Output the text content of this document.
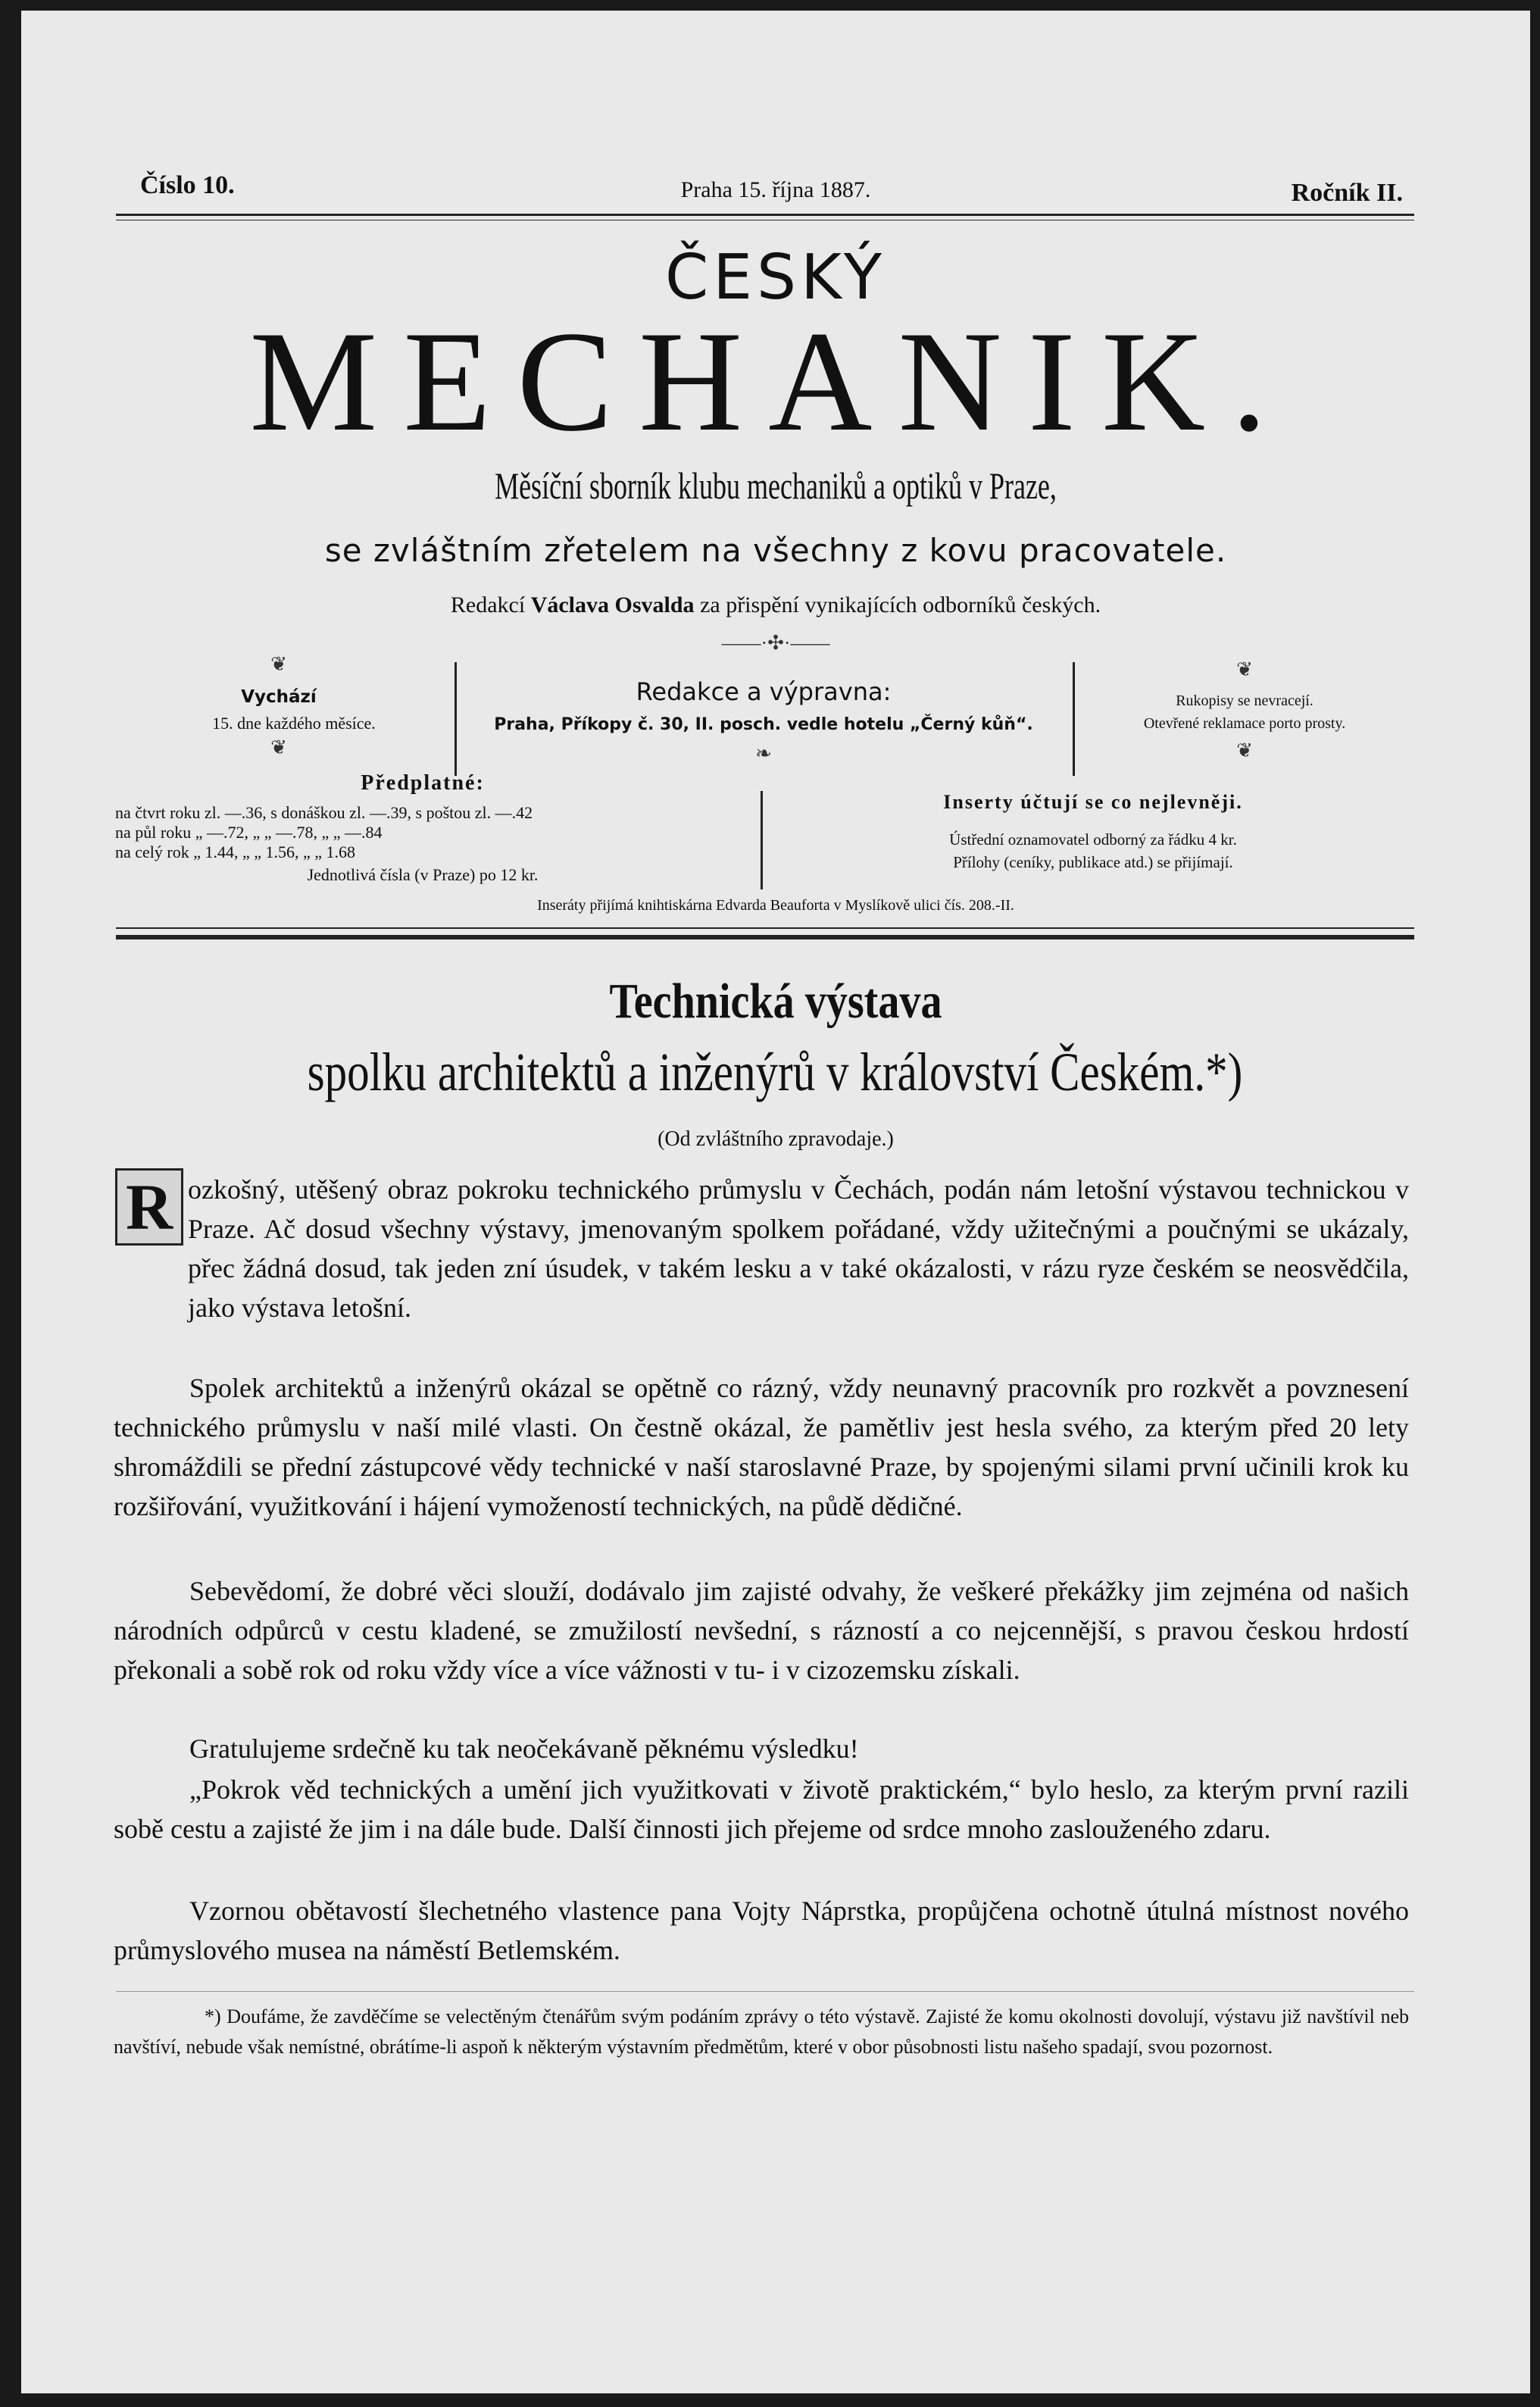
Číslo 10.	Praha 15. října 1887.	Ročník II.
ČESKÝ
MECHANIK.
Měsíční sborník klubu mechaniků a optiků v Praze,
se zvláštním zřetelem na všechny z kovu pracovatele.
Redakcí Václava Osvalda za přispění vynikajících odborníků českých.
——·✣·——
❦
Vychází
15. dne každého měsíce.
❦
Redakce a výpravna:
Praha, Příkopy č. 30, II. posch. vedle hotelu „Černý kůň“.
❧
❦
Rukopisy se nevracejí.
Otevřené reklamace porto prosty.
❦
Předplatné:
na čtvrt roku zl. —.36, s donáškou zl. —.39, s poštou zl. —.42
na půl roku „ —.72, „ „ —.78, „ „ —.84
na celý rok „ 1.44, „ „ 1.56, „ „ 1.68
Jednotlivá čísla (v Praze) po 12 kr.
Inserty účtují se co nejlevněji.
Ústřední oznamovatel odborný za řádku 4 kr.
Přílohy (ceníky, publikace atd.) se přijímají.
Inseráty přijímá knihtiskárna Edvarda Beauforta v Myslíkově ulici čís. 208.-II.
Technická výstava
spolku architektů a inženýrů v království Českém.*)
(Od zvláštního zpravodaje.)
R ozkošný, utěšený obraz pokroku technického průmyslu v Čechách, podán nám letošní výstavou technickou v Praze. Ač dosud všechny výstavy, jmenovaným spolkem pořádané, vždy užitečnými a poučnými se ukázaly, přec žádná dosud, tak jeden zní úsudek, v takém lesku a v také okázalosti, v rázu ryze českém se neosvědčila, jako výstava letošní.

Spolek architektů a inženýrů okázal se opětně co rázný, vždy neunavný pracovník pro rozkvět a povznesení technického průmyslu v naší milé vlasti. On čestně okázal, že pamětliv jest hesla svého, za kterým před 20 lety shromáždili se přední zástupcové vědy technické v naší staroslavné Praze, by spojenými silami první učinili krok ku rozšiřování, využitkování i hájení vymožeností technických, na půdě dědičné.

Sebevědomí, že dobré věci slouží, dodávalo jim zajisté odvahy, že veškeré překážky jim zejména od našich národních odpůrců v cestu kladené, se zmužilostí nevšední, s rázností a co nejcennější, s pravou českou hrdostí překonali a sobě rok od roku vždy více a více vážnosti v tu- i v cizozemsku získali.

Gratulujeme srdečně ku tak neočekávaně pěknému výsledku!

„Pokrok věd technických a umění jich využitkovati v životě praktickém,“ bylo heslo, za kterým první razili sobě cestu a zajisté že jim i na dále bude. Další činnosti jich přejeme od srdce mnoho zaslouženého zdaru.

Vzornou obětavostí šlechetného vlastence pana Vojty Náprstka, propůjčena ochotně útulná místnost nového průmyslového musea na náměstí Betlemském.

*) Doufáme, že zavděčíme se velectěným čtenářům svým podáním zprávy o této výstavě. Zajisté že komu okolnosti dovolují, výstavu již navštívil neb navštíví, nebude však nemístné, obrátíme-li aspoň k některým výstavním předmětům, které v obor působnosti listu našeho spadají, svou pozornost.
